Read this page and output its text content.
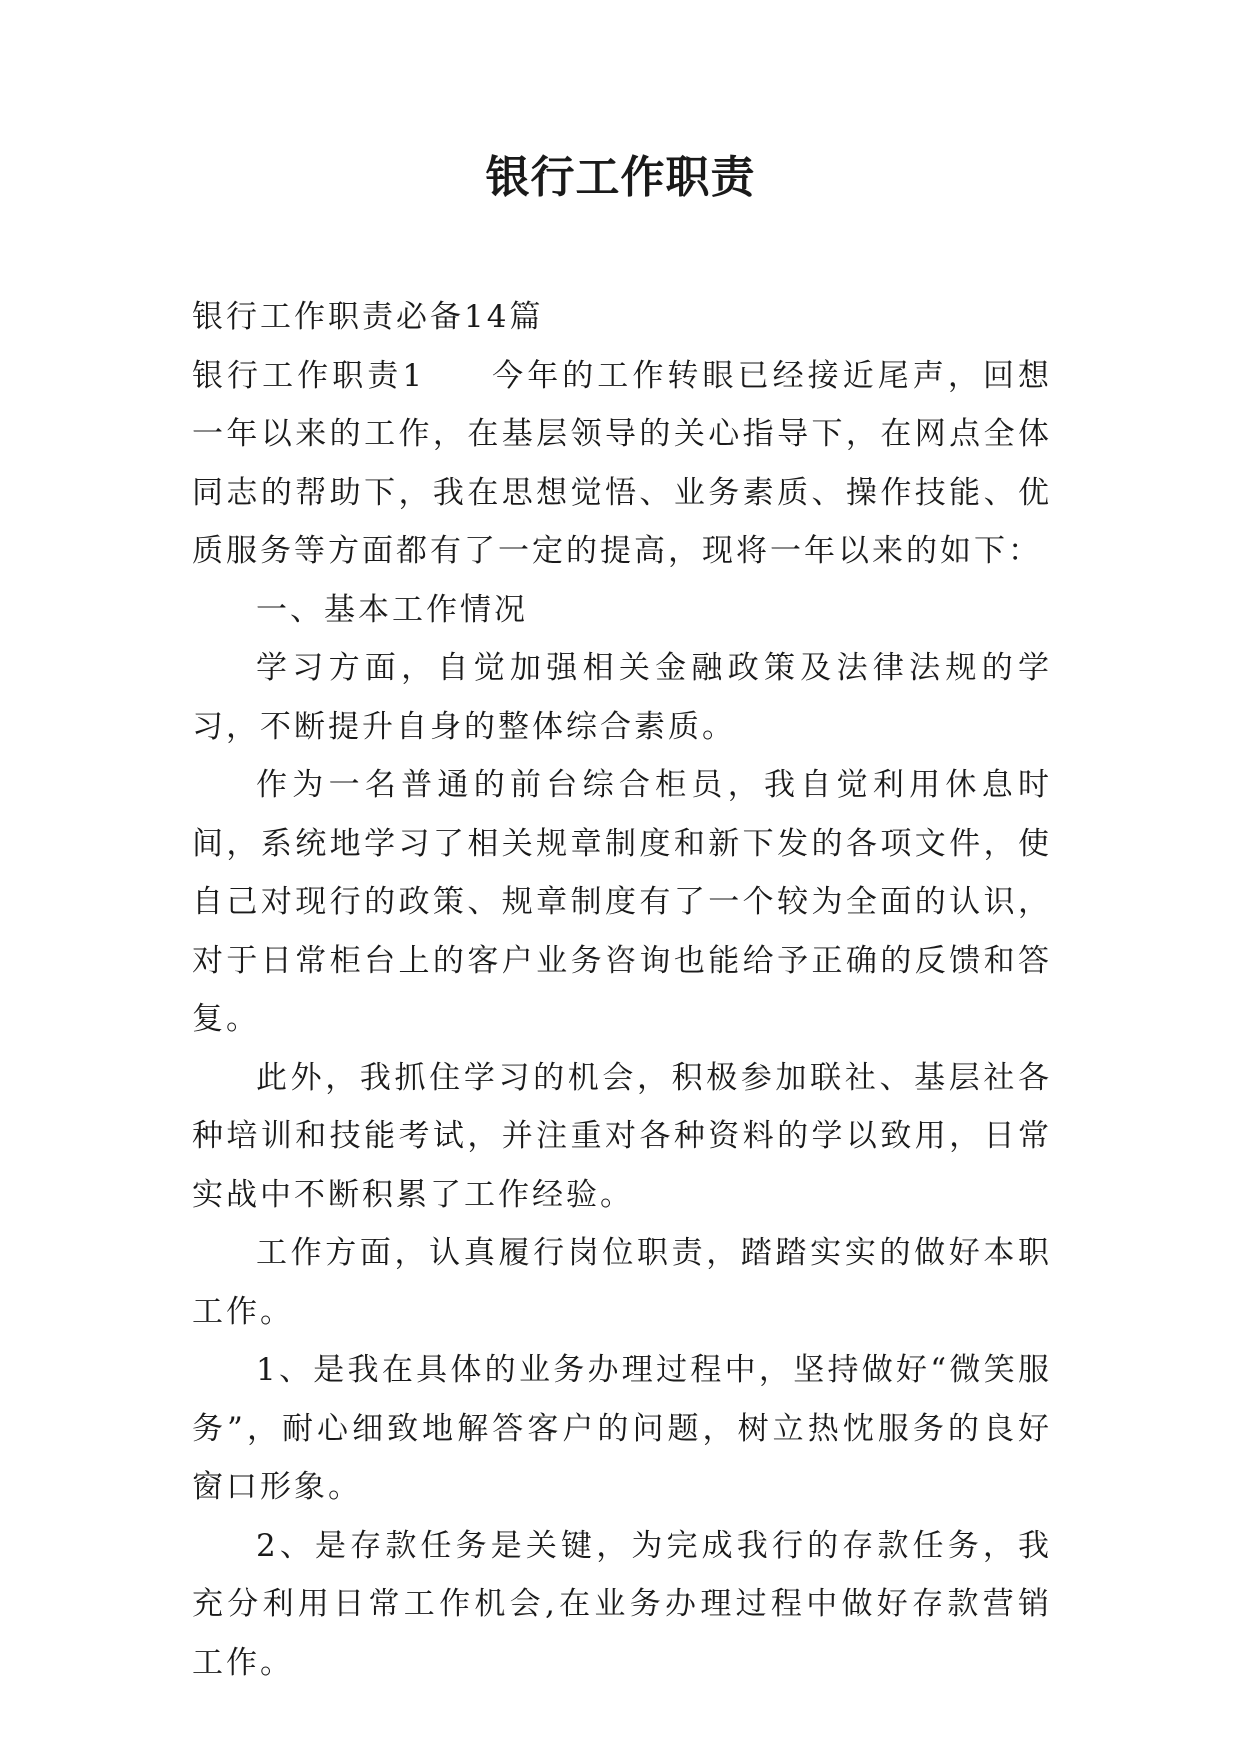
银行工作职责

银行工作职责必备14篇

银行工作职责1 今年的工作转眼已经接近尾声，回想一年以来的工作，在基层领导的关心指导下，在网点全体同志的帮助下，我在思想觉悟、业务素质、操作技能、优质服务等方面都有了一定的提高，现将一年以来的如下：

一、基本工作情况

学习方面，自觉加强相关金融政策及法律法规的学习，不断提升自身的整体综合素质。

作为一名普通的前台综合柜员，我自觉利用休息时间，系统地学习了相关规章制度和新下发的各项文件，使自己对现行的政策、规章制度有了一个较为全面的认识，对于日常柜台上的客户业务咨询也能给予正确的反馈和答复。

此外，我抓住学习的机会，积极参加联社、基层社各种培训和技能考试，并注重对各种资料的学以致用，日常实战中不断积累了工作经验。

工作方面，认真履行岗位职责，踏踏实实的做好本职工作。

1、是我在具体的业务办理过程中，坚持做好“微笑服务”，耐心细致地解答客户的问题，树立热忱服务的良好窗口形象。

2、是存款任务是关键，为完成我行的存款任务，我充分利用日常工作机会,在业务办理过程中做好存款营销工作。
